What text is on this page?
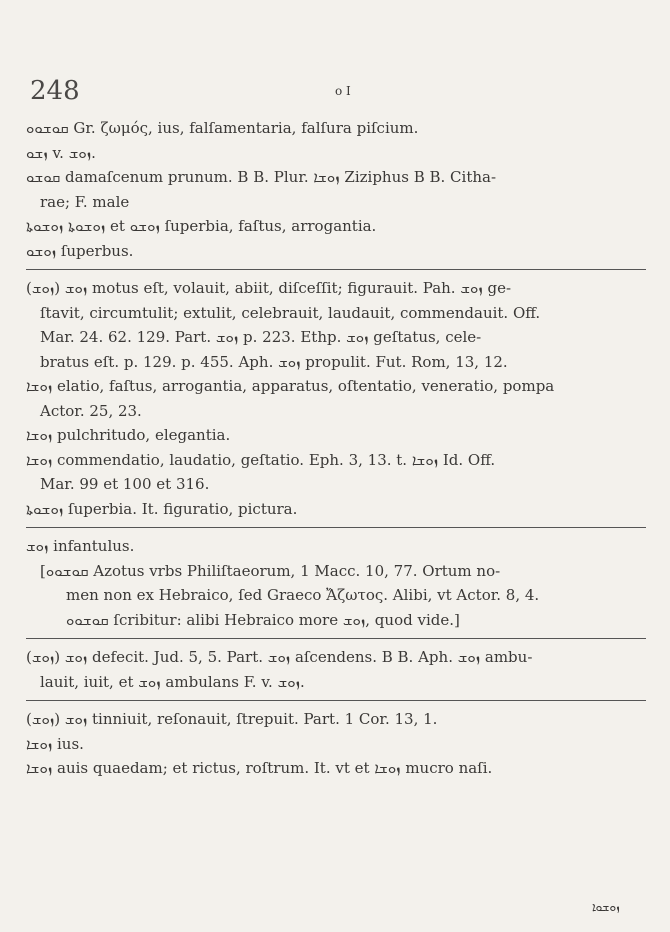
248	o I
ܩܘܫܘܘ Gr. ζωμός, ius, falſamentaria, falſura piſcium.
ܙܫܘ v. ܙܘܫ.
ܩܘܫܘ damaſcenum prunum. B B. Plur. ܙܘܫܐ Ziziphus B B. Citha-
rae; F. male
ܙܘܫܘܬܐ ܙܘܫܘܬܐ et ܙܘܫܘ ſuperbia, faſtus, arrogantia.
ܙܘܫܘ ſuperbus.
(ܙܘܫ) ܙܘܫ motus eſt, volauit, abiit, diſceſſit; figurauit. Pah. ܙܘܫ ge-
ſtavit, circumtulit; extulit, celebrauit, laudauit, commendauit. Off.
Mar. 24. 62. 129. Part. ܙܘܫ p. 223. Ethp. ܙܘܫ geſtatus, cele-
bratus eſt. p. 129. p. 455. Aph. ܙܘܫ propulit. Fut. Rom, 13, 12.
ܙܘܫܐ elatio, faſtus, arrogantia, apparatus, oſtentatio, veneratio, pompa
Actor. 25, 23.
ܙܘܫܐ pulchritudo, elegantia.
ܙܘܫܐ commendatio, laudatio, geſtatio. Eph. 3, 13. t. ܙܘܫܐ Id. Off.
Mar. 99 et 100 et 316.
ܙܘܫܘܬܐ ſuperbia. It. figuratio, pictura.
ܙܘܫ infantulus.
[ܩܘܫܘܘ Azotus vrbs Philiſtaeorum, 1 Macc. 10, 77. Ortum no-
men non ex Hebraico, ſed Graeco Ἄζωτος. Alibi, vt Actor. 8, 4.
ܩܘܫܘܘ ſcribitur: alibi Hebraico more ܙܘܫ, quod vide.]
(ܙܘܫ) ܙܘܫ defecit. Jud. 5, 5. Part. ܙܘܫ aſcendens. B B. Aph. ܙܘܫ ambu-
lauit, iuit, et ܙܘܫ ambulans F. v. ܙܘܫ.
(ܙܘܫ) ܙܘܫ tinniuit, reſonauit, ſtrepuit. Part. 1 Cor. 13, 1.
ܙܘܫܐ ius.
ܙܘܫܐ auis quaedam; et rictus, roſtrum. It. vt et ܙܘܫܐ mucro naſi.
ܙܘܫܘܐ
